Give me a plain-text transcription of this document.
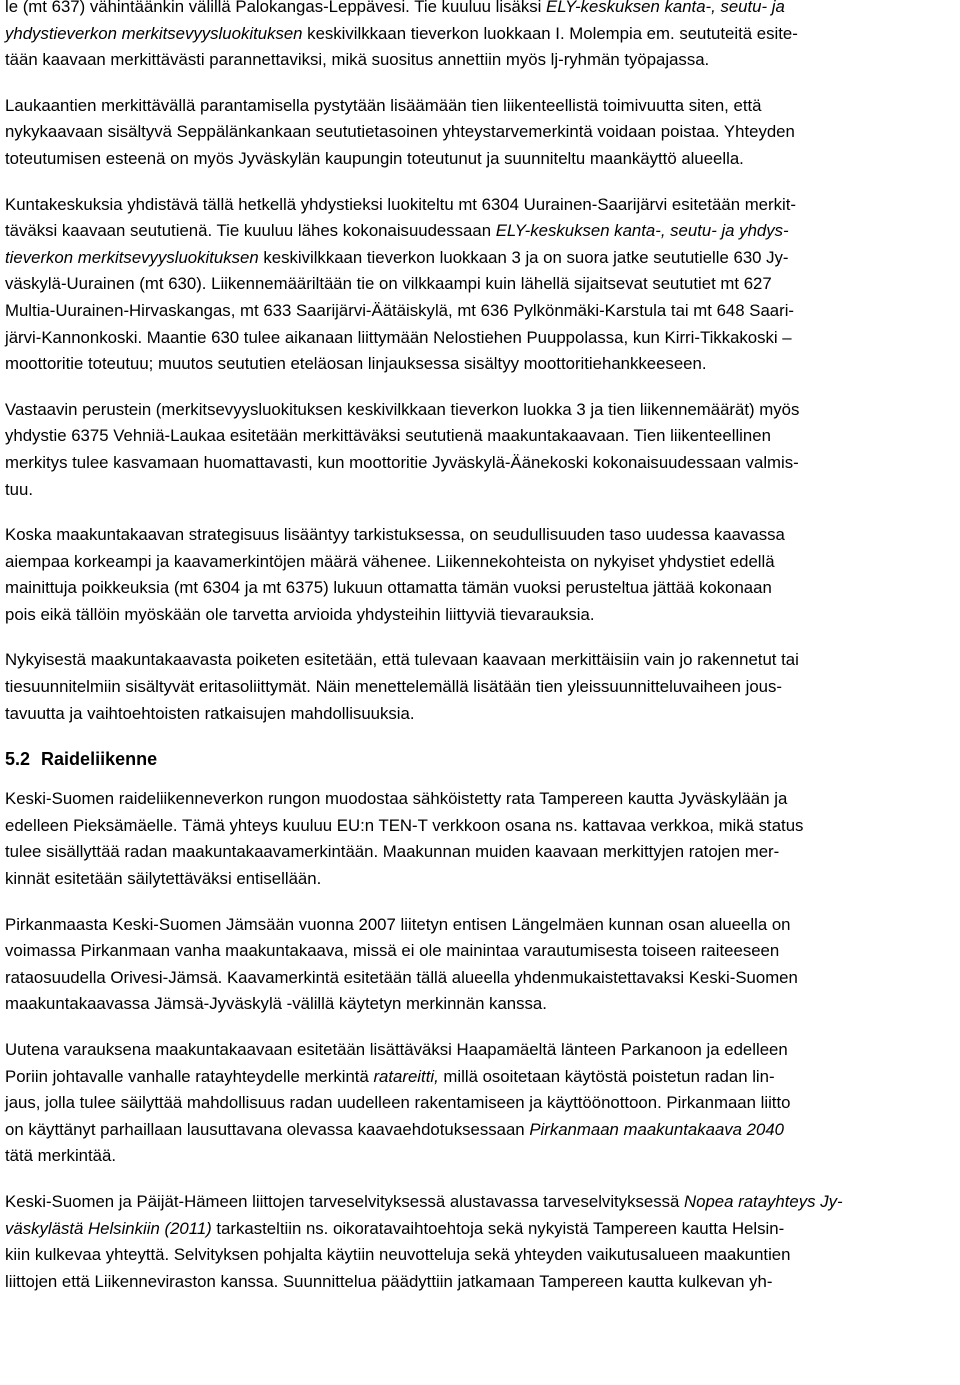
le (mt 637) vähintäänkin välillä Palokangas-Leppävesi. Tie kuuluu lisäksi ELY-keskuksen kanta-, seutu- ja
yhdystieverkon merkitsevyysluokituksen keskivilkkaan tieverkon luokkaan I. Molempia em. seututeitä esite-
tään kaavaan merkittävästi parannettaviksi, mikä suositus annettiin myös lj-ryhmän työpajassa.

Laukaantien merkittävällä parantamisella pystytään lisäämään tien liikenteellistä toimivuutta siten, että
nykykaavaan sisältyvä Seppälänkankaan seututietasoinen yhteystarvemerkintä voidaan poistaa. Yhteyden
toteutumisen esteenä on myös Jyväskylän kaupungin toteutunut ja suunniteltu maankäyttö alueella.

Kuntakeskuksia yhdistävä tällä hetkellä yhdystieksi luokiteltu mt 6304 Uurainen-Saarijärvi esitetään merkit-
täväksi kaavaan seututienä. Tie kuuluu lähes kokonaisuudessaan ELY-keskuksen kanta-, seutu- ja yhdys-
tieverkon merkitsevyysluokituksen keskivilkkaan tieverkon luokkaan 3 ja on suora jatke seututielle 630 Jy-
väskylä-Uurainen (mt 630). Liikennemääriltään tie on vilkkaampi kuin lähellä sijaitsevat seututiet mt 627
Multia-Uurainen-Hirvaskangas, mt 633 Saarijärvi-Äätäiskylä, mt 636 Pylkönmäki-Karstula tai mt 648 Saari-
järvi-Kannonkoski. Maantie 630 tulee aikanaan liittymään Nelostiehen Puuppolassa, kun Kirri-Tikkakoski –
moottoritie toteutuu; muutos seututien eteläosan linjauksessa sisältyy moottoritiehankkeeseen.

Vastaavin perustein (merkitsevyysluokituksen keskivilkkaan tieverkon luokka 3 ja tien liikennemäärät) myös
yhdystie 6375 Vehniä-Laukaa esitetään merkittäväksi seututienä maakuntakaavaan. Tien liikenteellinen
merkitys tulee kasvamaan huomattavasti, kun moottoritie Jyväskylä-Äänekoski kokonaisuudessaan valmis-
tuu.

Koska maakuntakaavan strategisuus lisääntyy tarkistuksessa, on seudullisuuden taso uudessa kaavassa
aiempaa korkeampi ja kaavamerkintöjen määrä vähenee. Liikennekohteista on nykyiset yhdystiet edellä
mainittuja poikkeuksia (mt 6304 ja mt 6375) lukuun ottamatta tämän vuoksi perusteltua jättää kokonaan
pois eikä tällöin myöskään ole tarvetta arvioida yhdysteihin liittyviä tievarauksia.

Nykyisestä maakuntakaavasta poiketen esitetään, että tulevaan kaavaan merkittäisiin vain jo rakennetut tai
tiesuunnitelmiin sisältyvät eritasoliittymät. Näin menettelemällä lisätään tien yleissuunnitteluvaiheen jous-
tavuutta ja vaihtoehtoisten ratkaisujen mahdollisuuksia.

5.2 Raideliikenne

Keski-Suomen raideliikenneverkon rungon muodostaa sähköistetty rata Tampereen kautta Jyväskylään ja
edelleen Pieksämäelle. Tämä yhteys kuuluu EU:n TEN-T verkkoon osana ns. kattavaa verkkoa, mikä status
tulee sisällyttää radan maakuntakaavamerkintään. Maakunnan muiden kaavaan merkittyjen ratojen mer-
kinnät esitetään säilytettäväksi entisellään.

Pirkanmaasta Keski-Suomen Jämsään vuonna 2007 liitetyn entisen Längelmäen kunnan osan alueella on
voimassa Pirkanmaan vanha maakuntakaava, missä ei ole mainintaa varautumisesta toiseen raiteeseen
rataosuudella Orivesi-Jämsä. Kaavamerkintä esitetään tällä alueella yhdenmukaistettavaksi Keski-Suomen
maakuntakaavassa Jämsä-Jyväskylä -välillä käytetyn merkinnän kanssa.

Uutena varauksena maakuntakaavaan esitetään lisättäväksi Haapamäeltä länteen Parkanoon ja edelleen
Poriin johtavalle vanhalle ratayhteydelle merkintä ratareitti, millä osoitetaan käytöstä poistetun radan lin-
jaus, jolla tulee säilyttää mahdollisuus radan uudelleen rakentamiseen ja käyttöönottoon. Pirkanmaan liitto
on käyttänyt parhaillaan lausuttavana olevassa kaavaehdotuksessaan Pirkanmaan maakuntakaava 2040
tätä merkintää.

Keski-Suomen ja Päijät-Hämeen liittojen tarveselvityksessä alustavassa tarveselvityksessä Nopea ratayhteys Jy-
väskylästä Helsinkiin (2011) tarkasteltiin ns. oikoratavaihtoehtoja sekä nykyistä Tampereen kautta Helsin-
kiin kulkevaa yhteyttä. Selvityksen pohjalta käytiin neuvotteluja sekä yhteyden vaikutusalueen maakuntien
liittojen että Liikenneviraston kanssa. Suunnittelua päädyttiin jatkamaan Tampereen kautta kulkevan yh-
